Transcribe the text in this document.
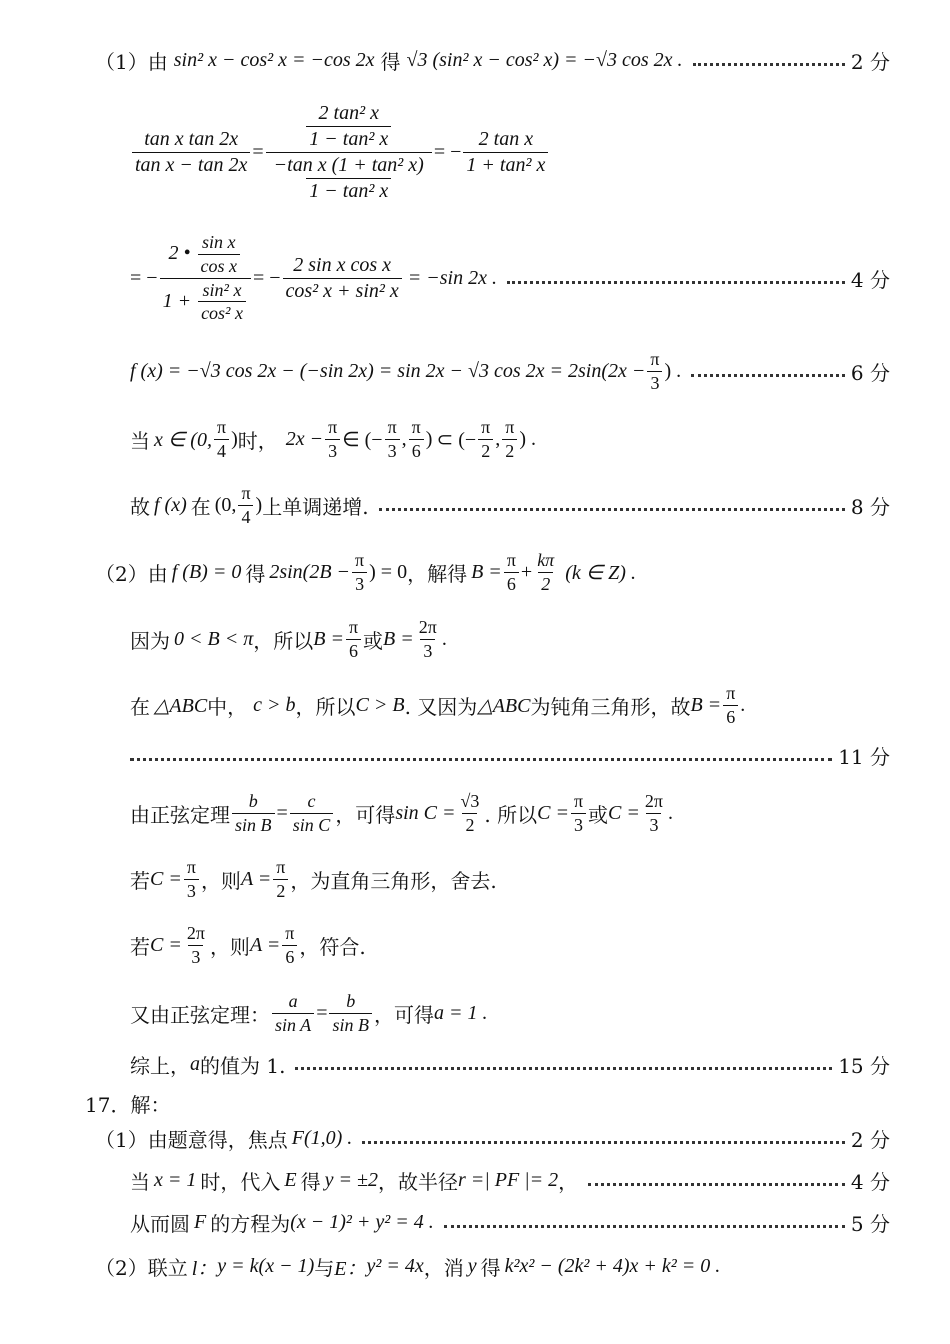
（1） 由 sin² x − cos² x = −cos 2x 得 √3 (sin² x − cos² x) = −√3 cos 2x .	2 分
$\frac{\text{tan x tan 2x}}{\text{tan x − tan 2x}} = \frac{\frac{\text{2 tan² x}}{\text{1 − tan² x}}}{\frac{\text{−tan x (1 + tan² x)}}{\text{1 − tan² x}}}$ = − $\frac{\text{2 tan x}}{\text{1 + tan² x}}$
= − $\frac{2 • \frac{\text{sin x}}{\text{cos x}}}{1 + \frac{\text{sin² x}}{\text{cos² x}}}$ = − $\frac{\text{2 sin x cos x}}{\text{cos² x + sin² x}} = -\sin$ 2x .	4 分
f (x) = −√3 cos 2x − (−sin 2x) = sin 2x − √3 $\cos 2x = 2\sin(2x - \frac{\pi}{3}$ ) .	6 分
当 x ∈ (0, $\frac{\pi}{4}$ ) 时， $2x - \frac{\pi}{3}$ ∈ (− $\frac{\pi}{3}$ , $\frac{\pi}{6}$ ) ⊂ (− $\frac{\pi}{2}$ , $\frac{\pi}{2}$ ) .
故 f (x) 在 (0, $\frac{\pi}{4}$ ) 上单调递增.	8 分
（2） 由 f (B) = 0 得 $2\sin(2B - \frac{\pi}{3}$ ) = 0 ，解得 $B = \frac{\pi}{6} + \frac{k\pi}{2} (k$ ∈ Z) .
因为 0 < B < π ，所以 $B = \frac{\pi}{6}$ 或 $B = \frac{2\pi}{3}$ .
在 △ABC 中， c > b ，所以 C > B . 又因为 △ABC 为钝角三角形，故 $B = \frac{\pi}{6}$ .
11 分
由正弦定理 $\frac{b}{\text{sin B}} = \frac{c}{\text{sin C}}$ ，可得 $\sin C = \frac{√3}{2}$ . 所以 $C = \frac{\pi}{3}$ 或 $C = \frac{2\pi}{3}$ .
若 $C = \frac{\pi}{3}$ ，则 $A = \frac{\pi}{2}$ ，为直角三角形，舍去.
若 $C = \frac{2\pi}{3}$ ，则 $A = \frac{\pi}{6}$ ，符合.
又由正弦定理： $\frac{a}{\text{sin A}} = \frac{b}{\text{sin B}}$ ，可得 a = 1 .
综上， a 的值为 1.	15 分
17．解：
（1） 由题意得，焦点 F(1,0) .	2 分
当 x = 1 时，代入 E 得 y = ±2 ，故半径 r =| PF |= 2 ，	4 分
从而圆 F 的方程为 (x − 1)² + y² = 4 .	5 分
（2） 联立 l： y = k(x − 1) 与 E： y² = 4x ，消 y 得 k²x² − (2k² + 4)x + k² = 0 .
